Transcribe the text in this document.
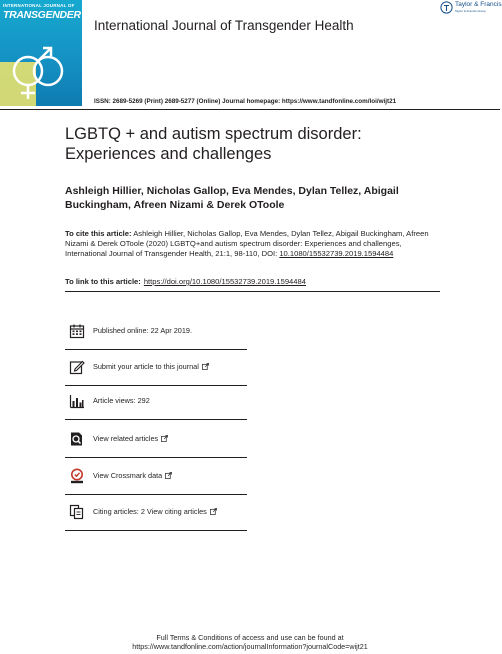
INTERNATIONAL JOURNAL OF
TRANSGENDER HEALTH
International Journal of Transgender Health
Taylor & Francis
Taylor & Francis Group
ISSN: 2689-5269 (Print) 2689-5277 (Online) Journal homepage: https://www.tandfonline.com/loi/wijt21
LGBTQ + and autism spectrum disorder:
Experiences and challenges
Ashleigh Hillier, Nicholas Gallop, Eva Mendes, Dylan Tellez, Abigail
Buckingham, Afreen Nizami & Derek OToole
To cite this article: Ashleigh Hillier, Nicholas Gallop, Eva Mendes, Dylan Tellez, Abigail Buckingham, Afreen Nizami & Derek OToole (2020) LGBTQ+and autism spectrum disorder: Experiences and challenges, International Journal of Transgender Health, 21:1, 98-110, DOI: 10.1080/15532739.2019.1594484
To link to this article: https://doi.org/10.1080/15532739.2019.1594484
Published online: 22 Apr 2019.
Submit your article to this journal
Article views: 292
View related articles
View Crossmark data
Citing articles: 2 View citing articles
Full Terms & Conditions of access and use can be found at
https://www.tandfonline.com/action/journalInformation?journalCode=wijt21
